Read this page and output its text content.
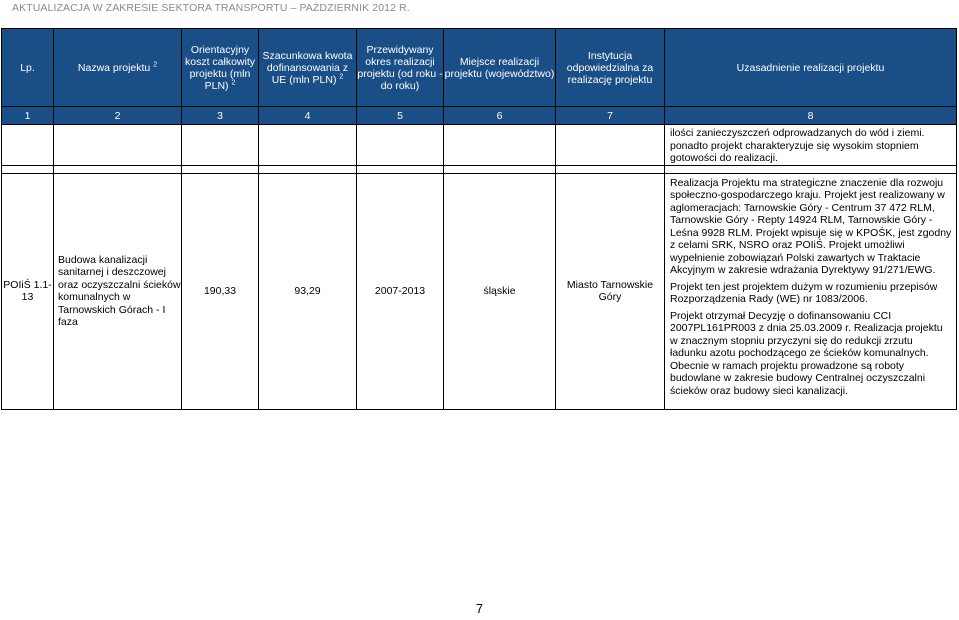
AKTUALIZACJA W ZAKRESIE SEKTORA TRANSPORTU – PAŹDZIERNIK 2012 R.
Lp.	Nazwa projektu $^2$	Orientacyjny koszt całkowity projektu (mln PLN) $^2$	Szacunkowa kwota dofinansowania z UE (mln PLN) $^2$	Przewidywany okres realizacji projektu (od roku - do roku)	Miejsce realizacji projektu (województwo)	Instytucja odpowiedzialna za realizację projektu	Uzasadnienie realizacji projektu
1	2	3	4	5	6	7	8
							ilości zanieczyszczeń odprowadzanych do wód i ziemi. ponadto projekt charakteryzuje się wysokim stopniem gotowości do realizacji.

POIiŚ 1.1-13	Budowa kanalizacji sanitarnej i deszczowej oraz oczyszczalni ścieków komunalnych w Tarnowskich Górach - I faza	190,33	93,29	2007-2013	śląskie	Miasto Tarnowskie Góry	Realizacja Projektu ma strategiczne znaczenie dla rozwoju społeczno-gospodarczego kraju. Projekt jest realizowany w aglomeracjach: Tarnowskie Góry - Centrum 37 472 RLM, Tarnowskie Góry - Repty 14924 RLM, Tarnowskie Góry - Leśna 9928 RLM. Projekt wpisuje się w KPOŚK, jest zgodny z celami SRK, NSRO oraz POIiŚ. Projekt umożliwi wypełnienie zobowiązań Polski zawartych w Traktacie Akcyjnym w zakresie wdrażania Dyrektywy 91/271/EWG.

Projekt ten jest projektem dużym w rozumieniu przepisów Rozporządzenia Rady (WE) nr 1083/2006.

Projekt otrzymał Decyzję o dofinansowaniu CCI 2007PL161PR003 z dnia 25.03.2009 r. Realizacja projektu w znacznym stopniu przyczyni się do redukcji zrzutu ładunku azotu pochodzącego ze ścieków komunalnych. Obecnie w ramach projektu prowadzone są roboty budowlane w zakresie budowy Centralnej oczyszczalni ścieków oraz budowy sieci kanalizacji.

7
